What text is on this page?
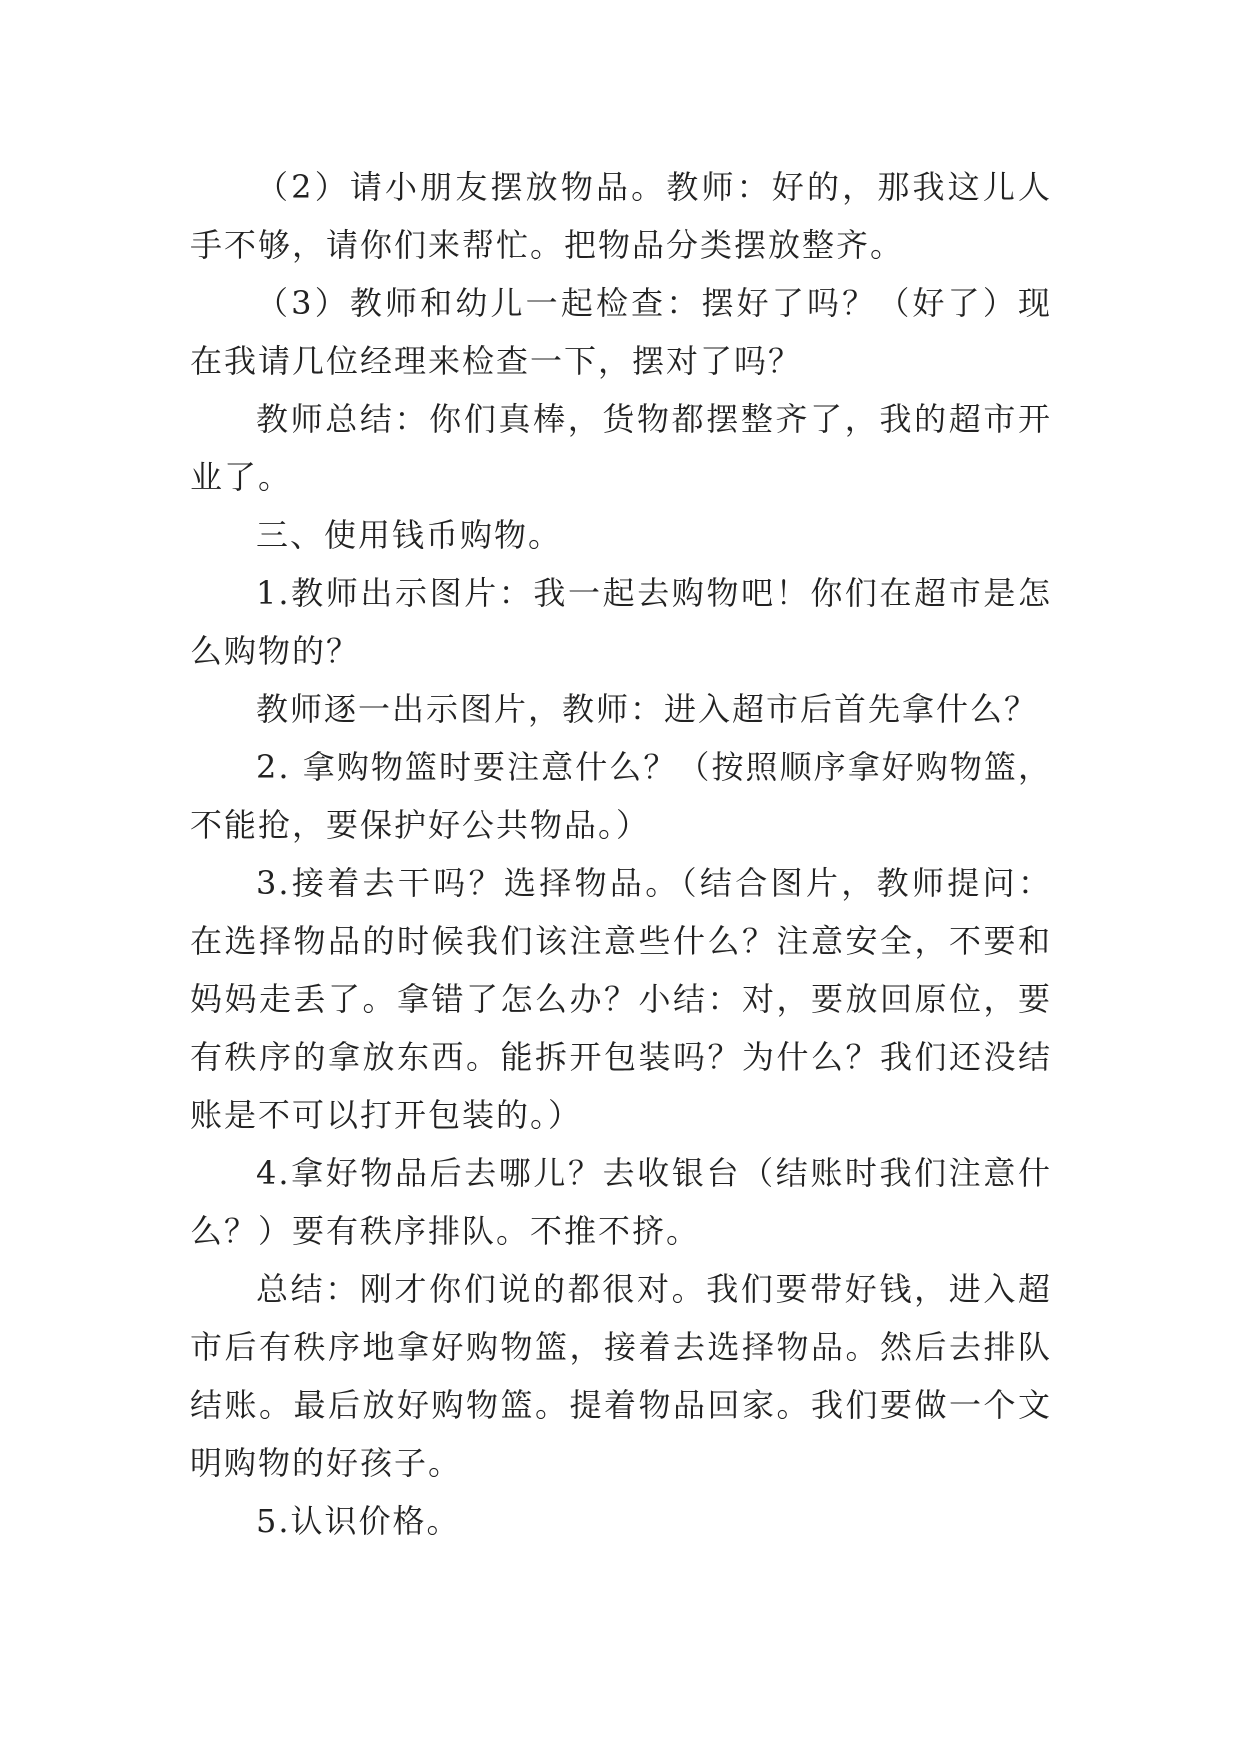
（2）请小朋友摆放物品。教师：好的，那我这儿人手不够，请你们来帮忙。把物品分类摆放整齐。

（3）教师和幼儿一起检查：摆好了吗？（好了）现在我请几位经理来检查一下，摆对了吗？

教师总结：你们真棒，货物都摆整齐了，我的超市开业了。

三、使用钱币购物。

1.教师出示图片：我一起去购物吧！你们在超市是怎么购物的？

教师逐一出示图片，教师：进入超市后首先拿什么？

2. 拿购物篮时要注意什么？（按照顺序拿好购物篮，不能抢，要保护好公共物品。）

3.接着去干吗？选择物品。（结合图片，教师提问：在选择物品的时候我们该注意些什么？注意安全，不要和妈妈走丢了。拿错了怎么办？小结：对，要放回原位，要有秩序的拿放东西。能拆开包装吗？为什么？我们还没结账是不可以打开包装的。）

4.拿好物品后去哪儿？去收银台（结账时我们注意什么？）要有秩序排队。不推不挤。

总结：刚才你们说的都很对。我们要带好钱，进入超市后有秩序地拿好购物篮，接着去选择物品。然后去排队结账。最后放好购物篮。提着物品回家。我们要做一个文明购物的好孩子。

5.认识价格。
